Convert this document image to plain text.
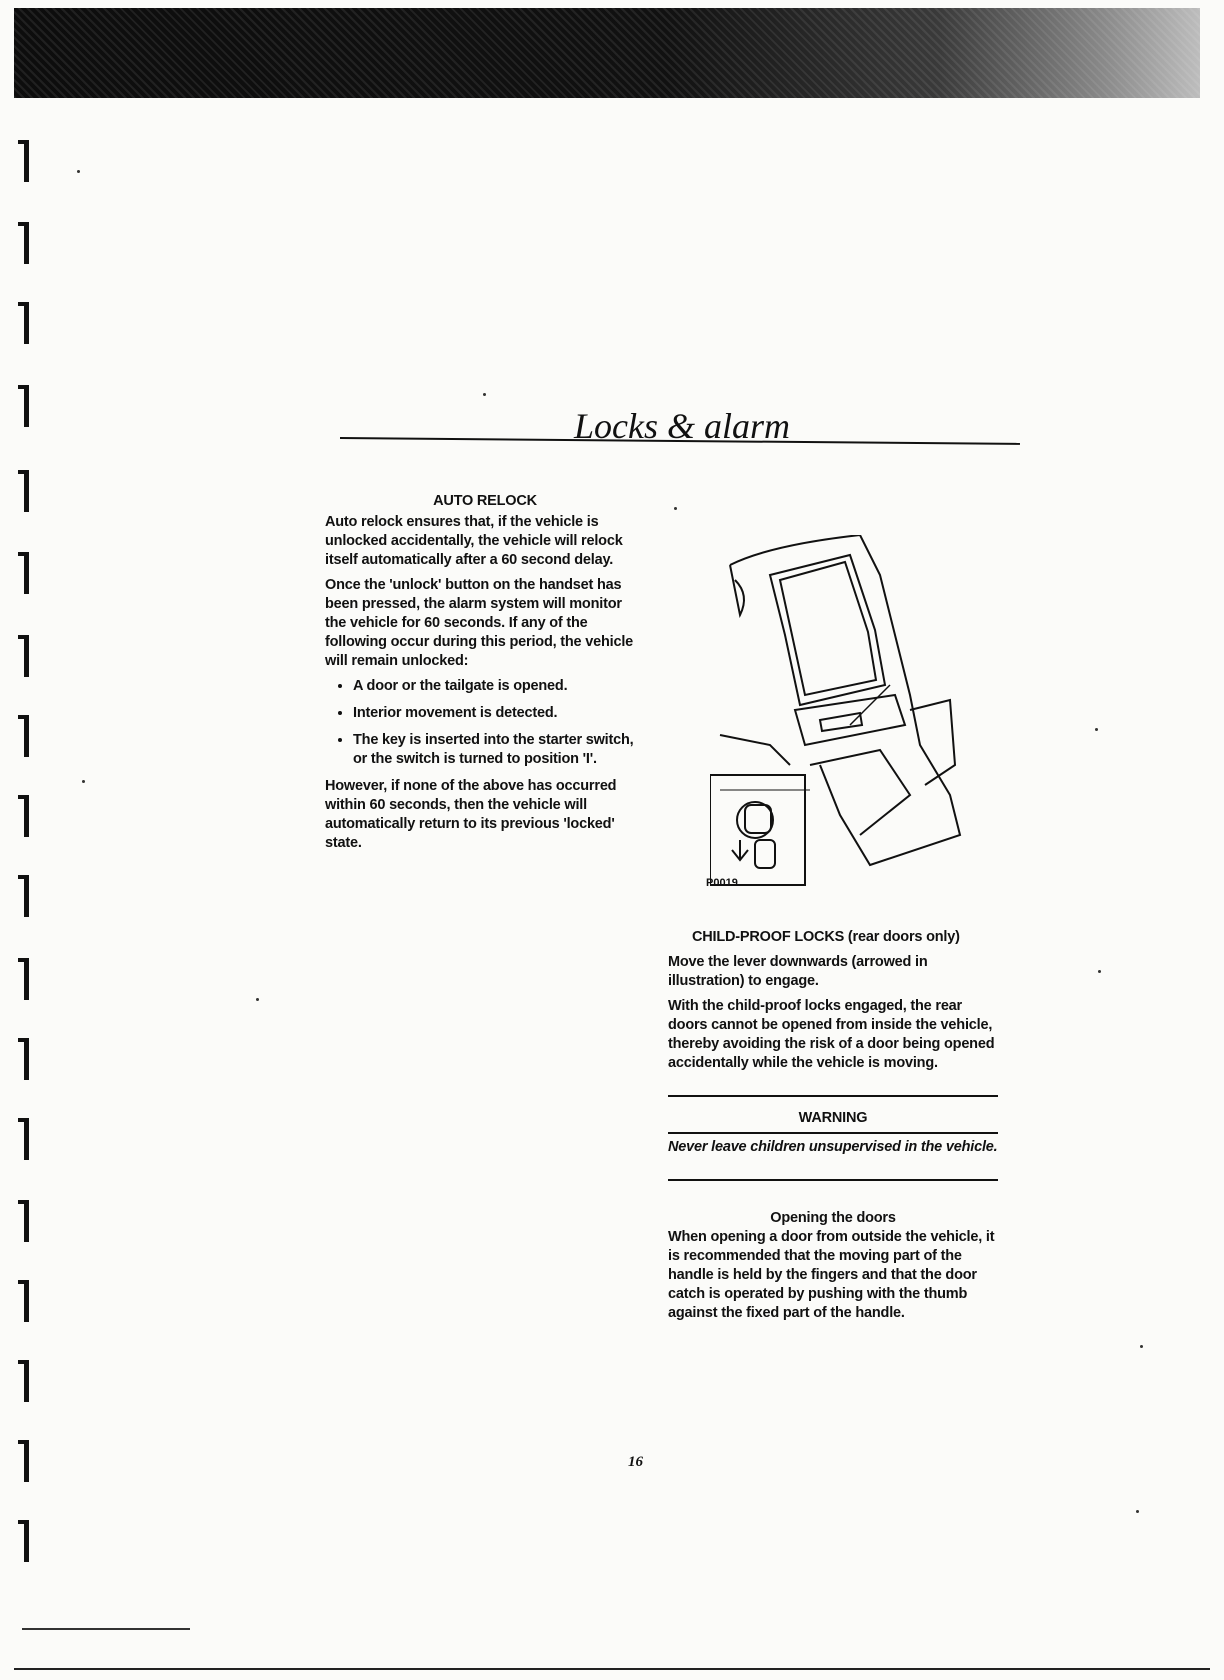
Locks & alarm
AUTO RELOCK

Auto relock ensures that, if the vehicle is unlocked accidentally, the vehicle will relock itself automatically after a 60 second delay.

Once the 'unlock' button on the handset has been pressed, the alarm system will monitor the vehicle for 60 seconds. If any of the following occur during this period, the vehicle will remain unlocked:

• A door or the tailgate is opened.
• Interior movement is detected.
• The key is inserted into the starter switch, or the switch is turned to position 'I'.

However, if none of the above has occurred within 60 seconds, then the vehicle will automatically return to its previous 'locked' state.

P0019

CHILD-PROOF LOCKS (rear doors only)

Move the lever downwards (arrowed in illustration) to engage.

With the child-proof locks engaged, the rear doors cannot be opened from inside the vehicle, thereby avoiding the risk of a door being opened accidentally while the vehicle is moving.

WARNING
Never leave children unsupervised in the vehicle.
Opening the doors

When opening a door from outside the vehicle, it is recommended that the moving part of the handle is held by the fingers and that the door catch is operated by pushing with the thumb against the fixed part of the handle.

16
